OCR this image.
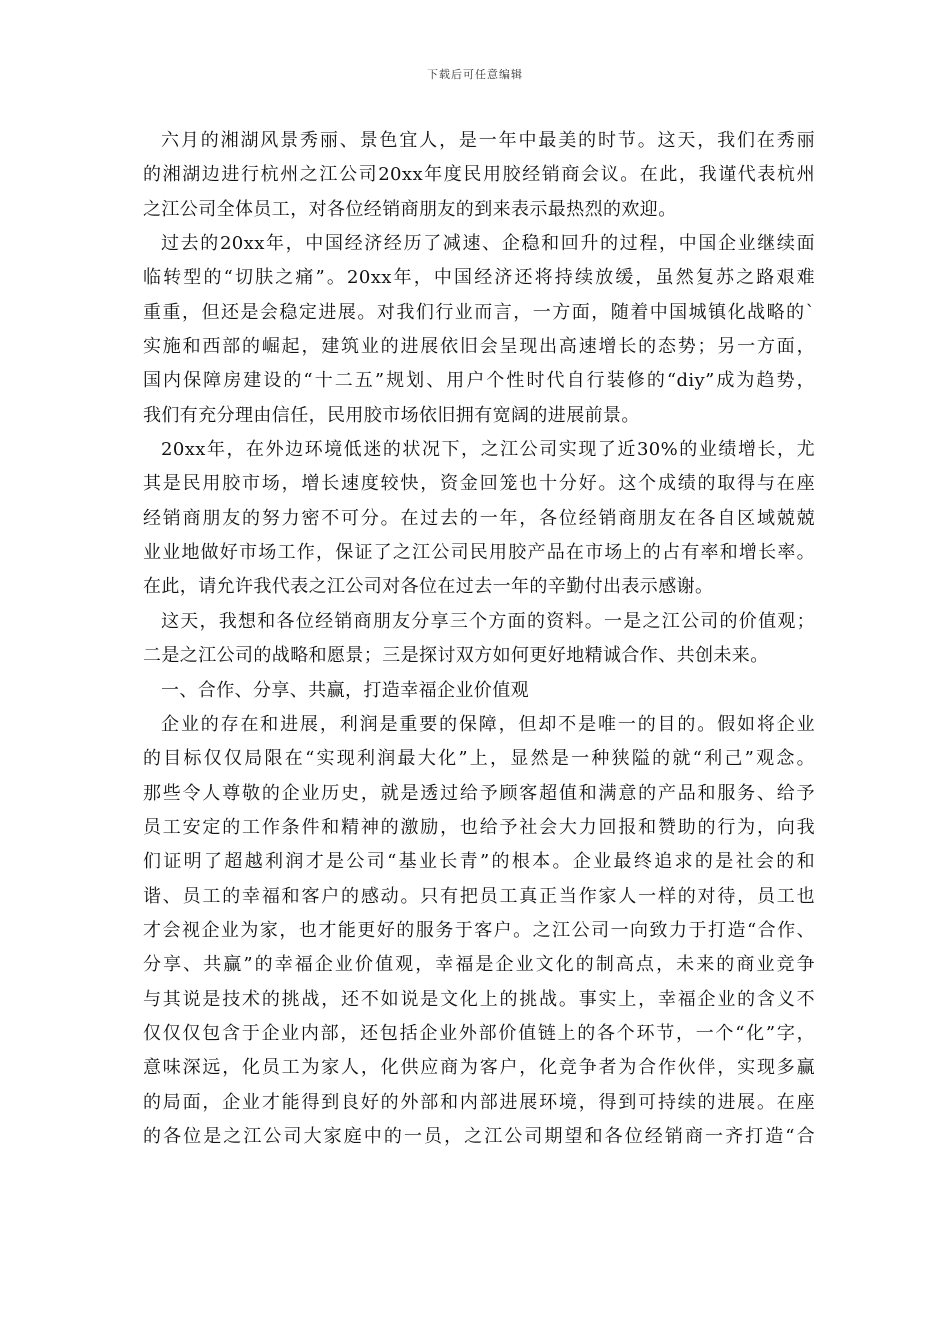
下载后可任意编辑
六月的湘湖风景秀丽、景色宜人，是一年中最美的时节。这天，我们在秀丽
的湘湖边进行杭州之江公司20xx年度民用胶经销商会议。在此，我谨代表杭州
之江公司全体员工，对各位经销商朋友的到来表示最热烈的欢迎。
过去的20xx年，中国经济经历了减速、企稳和回升的过程，中国企业继续面
临转型的“切肤之痛”。20xx年，中国经济还将持续放缓，虽然复苏之路艰难
重重，但还是会稳定进展。对我们行业而言，一方面，随着中国城镇化战略的`
实施和西部的崛起，建筑业的进展依旧会呈现出高速增长的态势；另一方面，
国内保障房建设的“十二五”规划、用户个性时代自行装修的“diy”成为趋势，
我们有充分理由信任，民用胶市场依旧拥有宽阔的进展前景。
20xx年，在外边环境低迷的状况下，之江公司实现了近30%的业绩增长，尤
其是民用胶市场，增长速度较快，资金回笼也十分好。这个成绩的取得与在座
经销商朋友的努力密不可分。在过去的一年，各位经销商朋友在各自区域兢兢
业业地做好市场工作，保证了之江公司民用胶产品在市场上的占有率和增长率。
在此，请允许我代表之江公司对各位在过去一年的辛勤付出表示感谢。
这天，我想和各位经销商朋友分享三个方面的资料。一是之江公司的价值观；
二是之江公司的战略和愿景；三是探讨双方如何更好地精诚合作、共创未来。
一、合作、分享、共赢，打造幸福企业价值观
企业的存在和进展，利润是重要的保障，但却不是唯一的目的。假如将企业
的目标仅仅局限在“实现利润最大化”上，显然是一种狭隘的就“利己”观念。
那些令人尊敬的企业历史，就是透过给予顾客超值和满意的产品和服务、给予
员工安定的工作条件和精神的激励，也给予社会大力回报和赞助的行为，向我
们证明了超越利润才是公司“基业长青”的根本。企业最终追求的是社会的和
谐、员工的幸福和客户的感动。只有把员工真正当作家人一样的对待，员工也
才会视企业为家，也才能更好的服务于客户。之江公司一向致力于打造“合作、
分享、共赢”的幸福企业价值观，幸福是企业文化的制高点，未来的商业竞争
与其说是技术的挑战，还不如说是文化上的挑战。事实上，幸福企业的含义不
仅仅仅包含于企业内部，还包括企业外部价值链上的各个环节，一个“化”字，
意味深远，化员工为家人，化供应商为客户，化竞争者为合作伙伴，实现多赢
的局面，企业才能得到良好的外部和内部进展环境，得到可持续的进展。在座
的各位是之江公司大家庭中的一员，之江公司期望和各位经销商一齐打造“合
